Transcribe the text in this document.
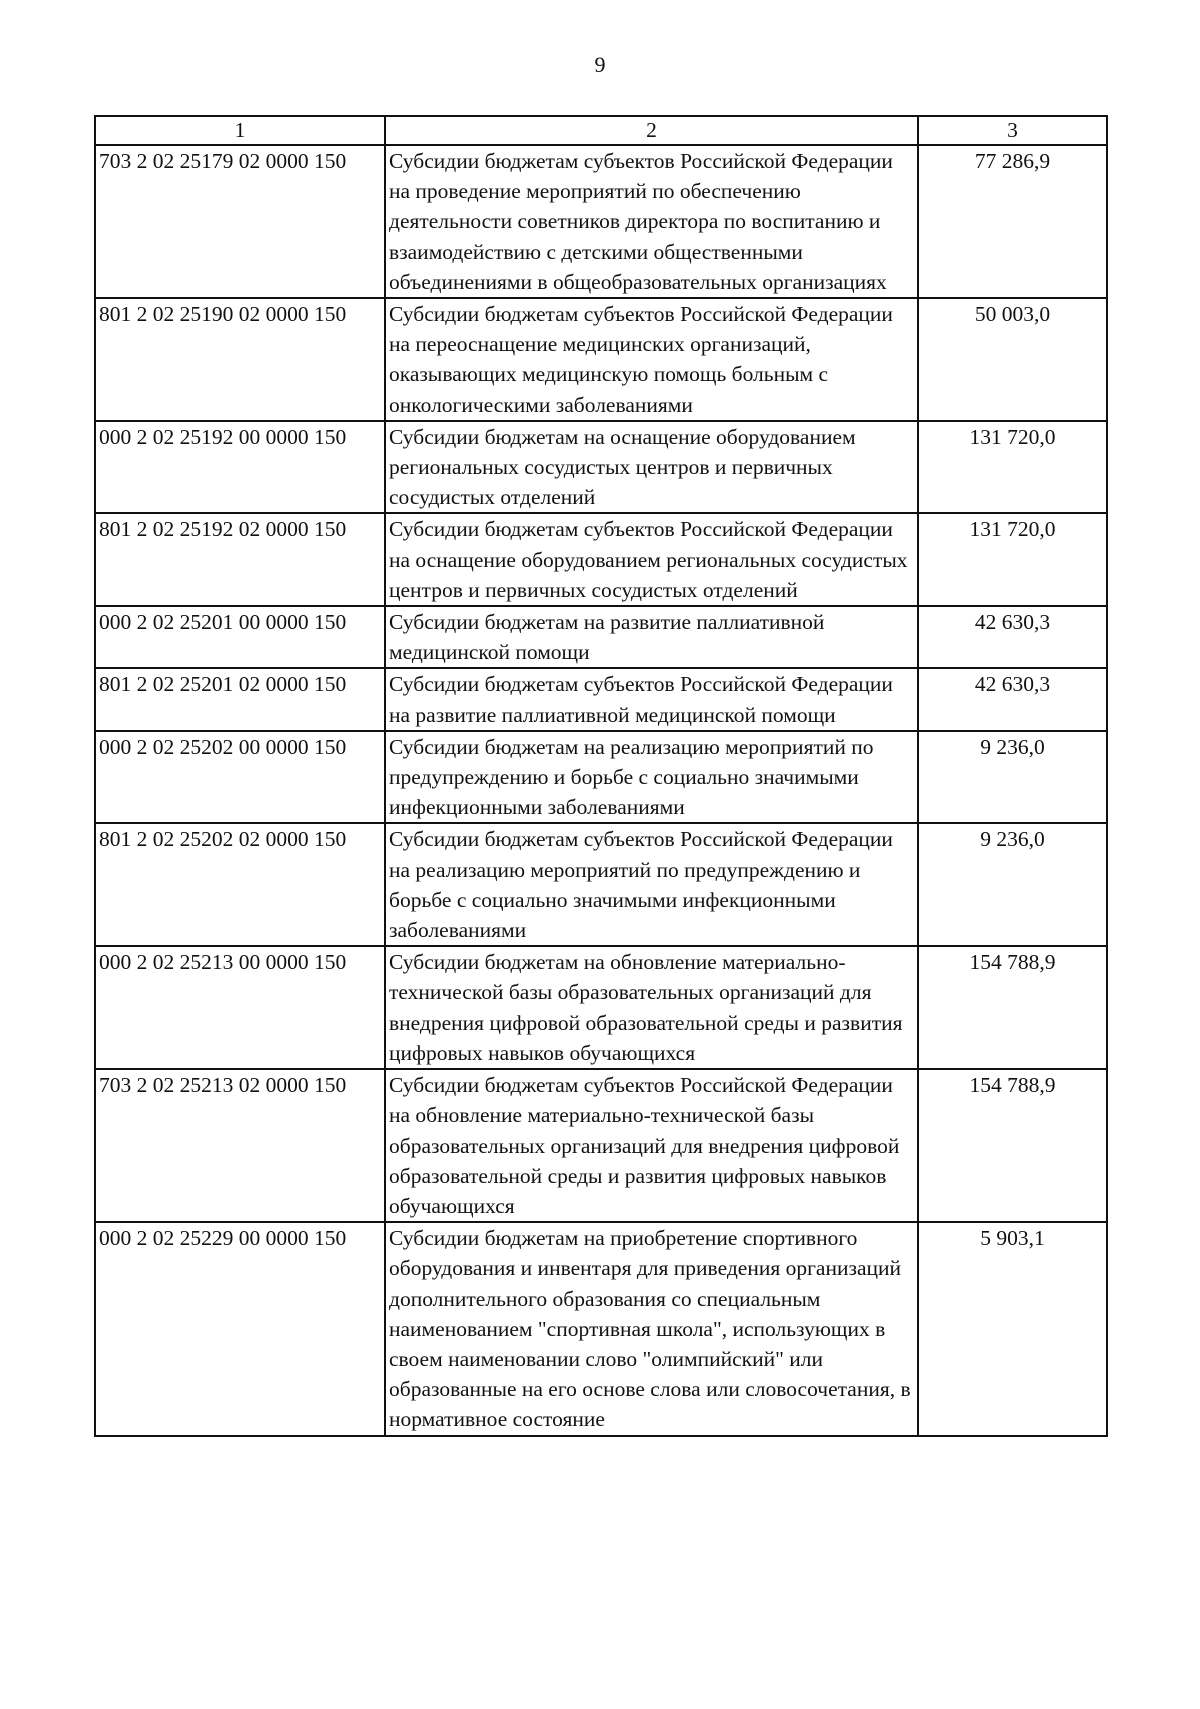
9
1	2	3
703 2 02 25179 02 0000 150	Субсидии бюджетам субъектов Российской Федерации на проведение мероприятий по обеспечению деятельности советников директора по воспитанию и взаимодействию с детскими общественными объединениями в общеобразовательных организациях	77 286,9
801 2 02 25190 02 0000 150	Субсидии бюджетам субъектов Российской Федерации на переоснащение медицинских организаций, оказывающих медицинскую помощь больным с онкологическими заболеваниями	50 003,0
000 2 02 25192 00 0000 150	Субсидии бюджетам на оснащение оборудованием региональных сосудистых центров и первичных сосудистых отделений	131 720,0
801 2 02 25192 02 0000 150	Субсидии бюджетам субъектов Российской Федерации на оснащение оборудованием региональных сосудистых центров и первичных сосудистых отделений	131 720,0
000 2 02 25201 00 0000 150	Субсидии бюджетам на развитие паллиативной медицинской помощи	42 630,3
801 2 02 25201 02 0000 150	Субсидии бюджетам субъектов Российской Федерации на развитие паллиативной медицинской помощи	42 630,3
000 2 02 25202 00 0000 150	Субсидии бюджетам на реализацию мероприятий по предупреждению и борьбе с социально значимыми инфекционными заболеваниями	9 236,0
801 2 02 25202 02 0000 150	Субсидии бюджетам субъектов Российской Федерации на реализацию мероприятий по предупреждению и борьбе с социально значимыми инфекционными заболеваниями	9 236,0
000 2 02 25213 00 0000 150	Субсидии бюджетам на обновление материально-технической базы образовательных организаций для внедрения цифровой образовательной среды и развития цифровых навыков обучающихся	154 788,9
703 2 02 25213 02 0000 150	Субсидии бюджетам субъектов Российской Федерации на обновление материально-технической базы образовательных организаций для внедрения цифровой образовательной среды и развития цифровых навыков обучающихся	154 788,9
000 2 02 25229 00 0000 150	Субсидии бюджетам на приобретение спортивного оборудования и инвентаря для приведения организаций дополнительного образования со специальным наименованием "спортивная школа", использующих в своем наименовании слово "олимпийский" или образованные на его основе слова или словосочетания, в нормативное состояние	5 903,1
